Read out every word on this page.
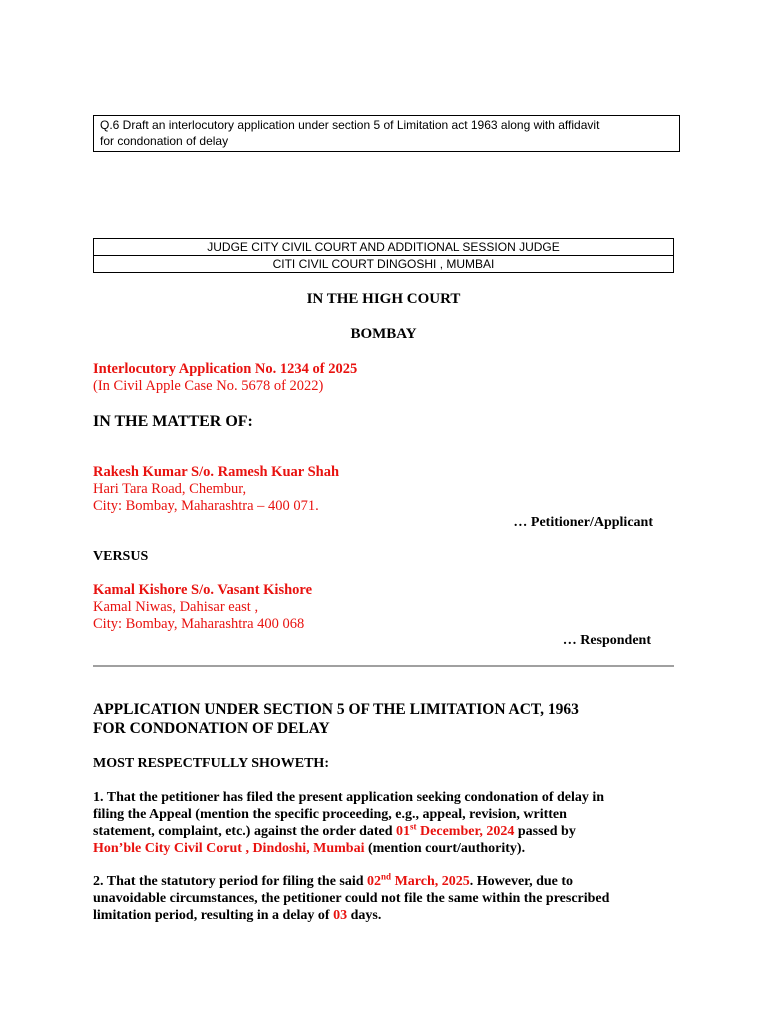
Q.6 Draft an interlocutory application under section 5 of Limitation act 1963 along with affidavit
for condonation of delay
JUDGE CITY CIVIL COURT AND ADDITIONAL SESSION JUDGE
CITI CIVIL COURT DINGOSHI , MUMBAI
IN THE HIGH COURT
BOMBAY
Interlocutory Application No. 1234 of 2025
(In Civil Apple Case No. 5678 of 2022)
IN THE MATTER OF:
Rakesh Kumar S/o. Ramesh Kuar Shah
Hari Tara Road, Chembur,
City: Bombay, Maharashtra – 400 071.
… Petitioner/Applicant
VERSUS
Kamal Kishore S/o. Vasant Kishore
Kamal Niwas, Dahisar east ,
City: Bombay, Maharashtra 400 068
… Respondent
APPLICATION UNDER SECTION 5 OF THE LIMITATION ACT, 1963
FOR CONDONATION OF DELAY
MOST RESPECTFULLY SHOWETH:
1. That the petitioner has filed the present application seeking condonation of delay in
filing the Appeal (mention the specific proceeding, e.g., appeal, revision, written
statement, complaint, etc.) against the order dated 01st December, 2024 passed by
Hon’ble City Civil Corut , Dindoshi, Mumbai (mention court/authority).
2. That the statutory period for filing the said 02nd March, 2025. However, due to
unavoidable circumstances, the petitioner could not file the same within the prescribed
limitation period, resulting in a delay of 03 days.
